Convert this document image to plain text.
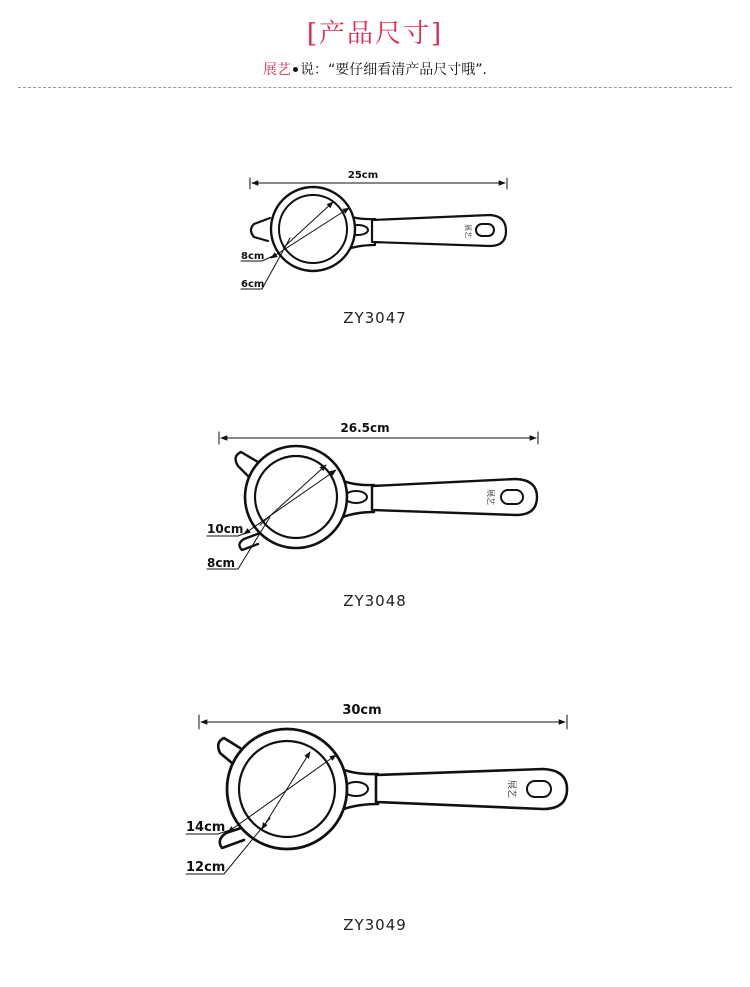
[产品尺寸]
展艺 说：“要仔细看清产品尺寸哦”.
25cm
8cm
6cm
展艺
26.5cm
10cm
8cm
展艺
30cm
14cm
12cm
展艺
ZY3047
ZY3048
ZY3049
